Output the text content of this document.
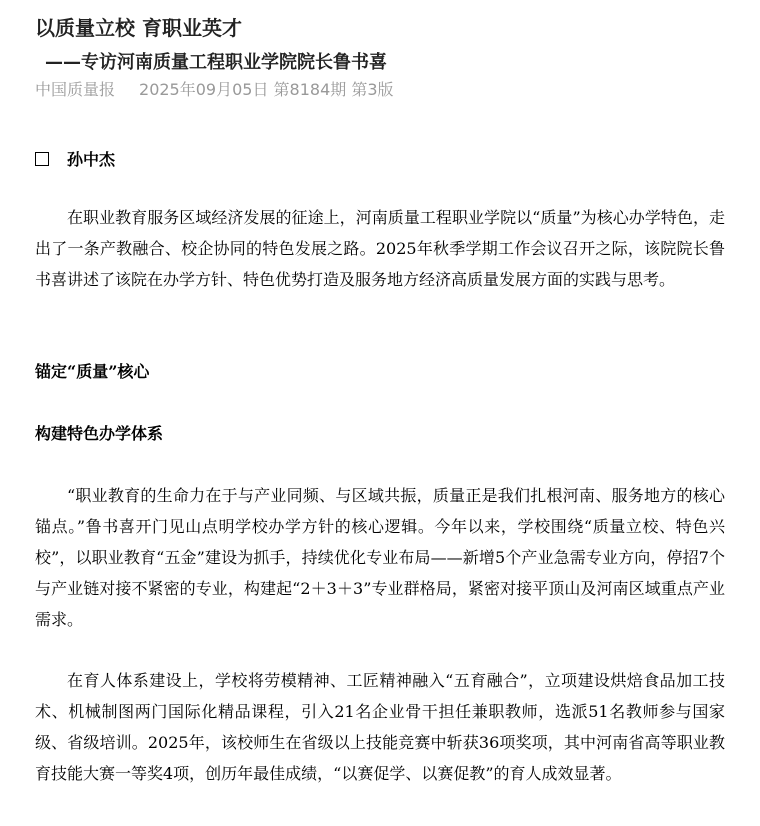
以质量立校 育职业英才
——专访河南质量工程职业学院院长鲁书喜
中国质量报 2025年09月05日 第8184期 第3版
孙中杰

在职业教育服务区域经济发展的征途上，河南质量工程职业学院以“质量”为核心办学特色，走出了一条产教融合、校企协同的特色发展之路。2025年秋季学期工作会议召开之际，该院院长鲁书喜讲述了该院在办学方针、特色优势打造及服务地方经济高质量发展方面的实践与思考。

锚定“质量”核心
构建特色办学体系

“职业教育的生命力在于与产业同频、与区域共振，质量正是我们扎根河南、服务地方的核心锚点。”鲁书喜开门见山点明学校办学方针的核心逻辑。今年以来，学校围绕“质量立校、特色兴校”，以职业教育“五金”建设为抓手，持续优化专业布局——新增5个产业急需专业方向，停招7个与产业链对接不紧密的专业，构建起“2＋3＋3”专业群格局，紧密对接平顶山及河南区域重点产业需求。

在育人体系建设上，学校将劳模精神、工匠精神融入“五育融合”，立项建设烘焙食品加工技术、机械制图两门国际化精品课程，引入21名企业骨干担任兼职教师，选派51名教师参与国家级、省级培训。2025年，该校师生在省级以上技能竞赛中斩获36项奖项，其中河南省高等职业教育技能大赛一等奖4项，创历年最佳成绩，“以赛促学、以赛促教”的育人成效显著。
